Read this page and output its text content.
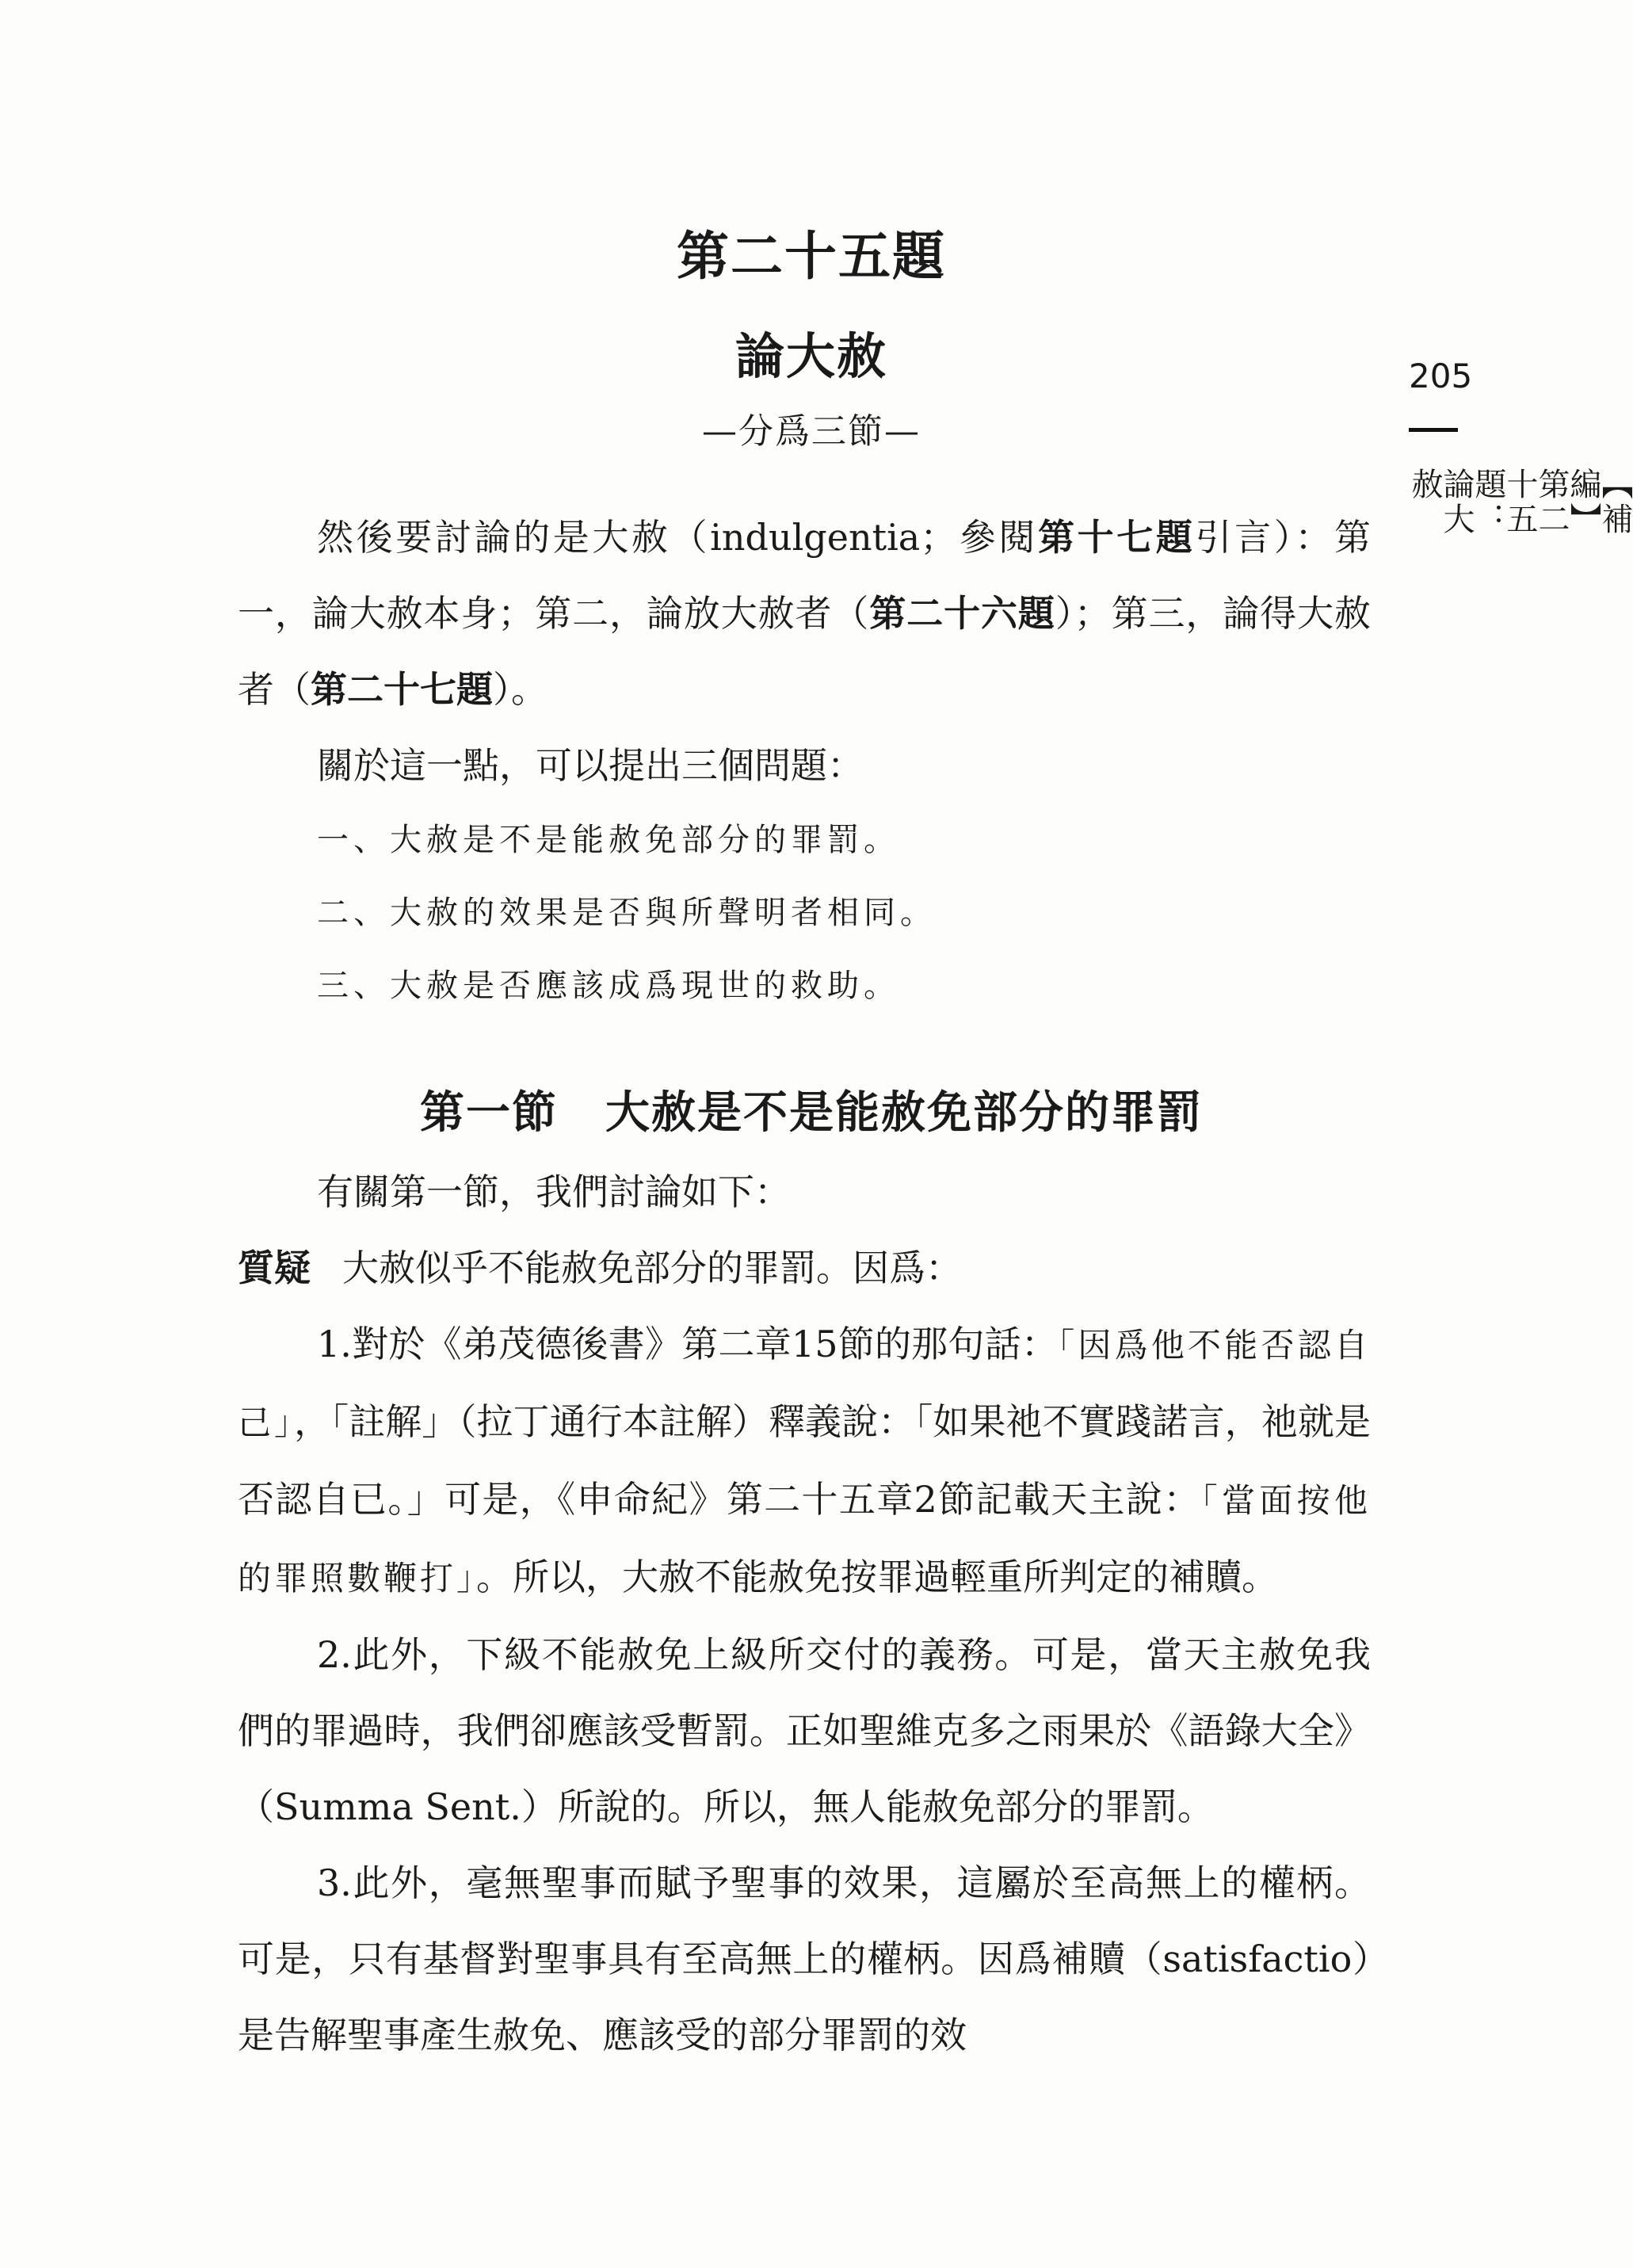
第二十五題
論大赦
—分爲三節—
205
【補編】第二十五題：論大赦

然後要討論的是大赦（indulgentia；參閱第十七題引言）：第一，論大赦本身；第二，論放大赦者（第二十六題）；第三，論得大赦者（第二十七題）。

關於這一點，可以提出三個問題：

一、大赦是不是能赦免部分的罪罰。

二、大赦的效果是否與所聲明者相同。

三、大赦是否應該成爲現世的救助。

第一節 大赦是不是能赦免部分的罪罰

有關第一節，我們討論如下：

質疑 大赦似乎不能赦免部分的罪罰。因爲：

1.對於《弟茂德後書》第二章15節的那句話：「因爲他不能否認自己」，「註解」（拉丁通行本註解）釋義說：「如果祂不實踐諾言，祂就是否認自已。」可是，《申命紀》第二十五章2節記載天主說：「當面按他的罪照數鞭打」。所以，大赦不能赦免按罪過輕重所判定的補贖。

2.此外，下級不能赦免上級所交付的義務。可是，當天主赦免我們的罪過時，我們卻應該受暫罰。正如聖維克多之雨果於《語錄大全》（Summa Sent.）所說的。所以，無人能赦免部分的罪罰。

3.此外，毫無聖事而賦予聖事的效果，這屬於至高無上的權柄。可是，只有基督對聖事具有至高無上的權柄。因爲補贖（satisfactio）是告解聖事產生赦免、應該受的部分罪罰的效
